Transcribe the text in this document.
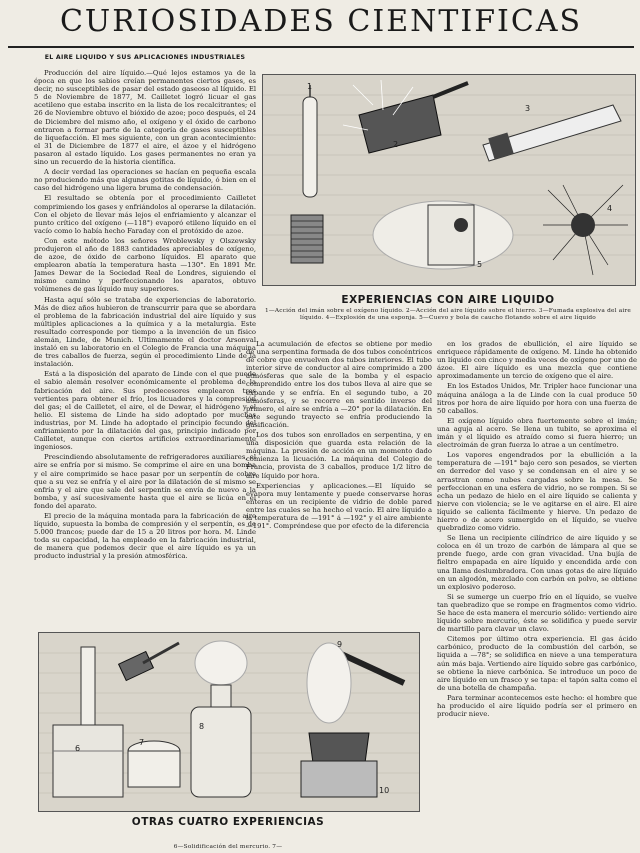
CURIOSIDADES CIENTIFICAS
EL AIRE LIQUIDO Y SUS APLICACIONES INDUSTRIALES

Producción del aire líquido.—Qué lejos estamos ya de la época en que los sabios creían permanentes ciertos gases, es decir, no susceptibles de pasar del estado gaseoso al líquido. El 5 de Noviembre de 1877, M. Cailletet logró licuar el gas acetileno que estaba inscrito en la lista de los recalcitrantes; el 26 de Noviembre obtuvo el bióxido de azoe; poco después, el 24 de Diciembre del mismo año, el oxígeno y el óxido de carbono entraron a formar parte de la categoría de gases susceptibles de liquefacción. El mes siguiente, con un gran acontecimiento: el 31 de Diciembre de 1877 el aire, el ázoe y el hidrógeno pasaron al estado líquido. Los gases permanentes no eran ya sino un recuerdo de la historia científica.

A decir verdad las operaciones se hacían en pequeña escala no produciendo más que algunas gotitas de líquido, ó bien en el caso del hidrógeno una ligera bruma de condensación.

El resultado se obtenía por el procedimiento Cailletet comprimiendo los gases y enfriándolos al operarse la dilatación. Con el objeto de llevar más lejos el enfriamiento y alcanzar el punto crítico del oxígeno (—118°) evaporó etileno líquido en el vacío como lo había hecho Faraday con el protóxido de azoe.

Con este método los señores Wroblewsky y Olszewsky produjeron el año de 1883 cantidades apreciables de oxígeno, de azoe, de óxido de carbono líquidos. El aparato que emplearon abatía la temperatura hasta —130°. En 1891 Mr. James Dewar de la Sociedad Real de Londres, siguiendo el mismo camino y perfeccionando los aparatos, obtuvo volúmenes de gas líquido muy superiores.

Hasta aquí sólo se trataba de experiencias de laboratorio. Más de diez años hubieron de transcurrir para que se abordara el problema de la fabricación industrial del aire líquido y sus múltiples aplicaciones a la química y a la metalurgia. Este resultado corresponde por tiempo a la invención de un físico alemán, Linde, de Munich. Ultimamente el doctor Arsonval instaló en su laboratorio en el Colegio de Francia una máquina de tres caballos de fuerza, según el procedimiento Linde de la instalación.

Está a la disposición del aparato de Linde con el que puede el sabio alemán resolver económicamente el problema de la fabricación del aire. Sus predecesores emplearon tres vertientes para obtener el frío, los licuadores y la compresión del gas; el de Cailletet, el aire, el de Dewar, el hidrógeno y el helio. El sistema de Linde ha sido adoptado por muchas industrias, por M. Linde ha adoptado el principio fecundo del enfriamiento por la dilatación del gas, principio indicado por Cailletet, aunque con ciertos artificios extraordinariamente ingeniosos.

Prescindiendo absolutamente de refrigeradores auxiliares, el aire se enfría por si mismo. Se comprime el aire en una bomba y el aire comprimido se hace pasar por un serpentín de cobre que a su vez se enfría y el aire por la dilatación de sí mismo se enfría y el aire que sale del serpentín se envía de nuevo a la bomba, y así sucesivamente hasta que el aire se licúa en el fondo del aparato.

El precio de la máquina montada para la fabricación de aire líquido, supuesta la bomba de compresión y el serpentín, es de 5.000 francos; puede dar de 15 a 20 litros por hora. M. Linde toda su capacidad, la ha empleado en la fabricación industrial, de manera que podemos decir que el aire líquido es ya un producto industrial y la presión atmosférica.

1
2
3
4
5
EXPERIENCIAS CON AIRE LIQUIDO
1—Acción del imán sobre el oxígeno líquido. 2—Acción del aire líquido sobre el hierro. 3—Fumada explosiva del aire líquido. 4—Explosión de una esponja. 5—Cuevo y bola de caucho flotando sobre el aire líquido

La acumulación de efectos se obtiene por medio de una serpentina formada de dos tubos concéntricos de cobre que envuelven dos tubos interiores. El tubo interior sirve de conductor al aire comprimido a 200 atmósferas que sale de la bomba y el espacio comprendido entre los dos tubos lleva al aire que se expande y se enfría. En el segundo tubo, a 20 atmósferas, y se recorre en sentido inverso del primero, el aire se enfría a —20° por la dilatación. En este segundo trayecto se enfría produciendo la gasificación.

Los dos tubos son enrollados en serpentina, y en una disposición que guarda esta relación de la máquina. La presión de acción en un momento dado comienza la licuación. La máquina del Colegio de Francia, provista de 3 caballos, produce 1/2 litro de aire líquido por hora.

Experiencias y aplicaciones.—El líquido se evapora muy lentamente y puede conservarse horas enteras en un recipiente de vidrio de doble pared entre las cuales se ha hecho el vacío. El aire líquido a la temperatura de —191° á —192° y el aire ambiente —191°. Compréndese que por efecto de la diferencia

en los grados de ebullición, el aire líquido se enriquece rápidamente de oxígeno. M. Linde ha obtenido un líquido con cinco y media veces de oxígeno por uno de ázoe. El aire líquido es una mezcla que contiene aproximadamente un tercio de oxígeno que el aire.

En los Estados Unidos, Mr. Tripler hace funcionar una máquina análoga a la de Linde con la cual produce 50 litros por hora de aire líquido por hora con una fuerza de 50 caballos.

El oxígeno líquido obra fuertemente sobre el imán; una aguja al acero. Se llena un tubito, se aproxima el imán y el líquido es atraído como si fuera hierro; un electroimán de gran fuerza lo atrae a un centímetro.

Los vapores engendrados por la ebullición a la temperatura de —191° bajo cero son pesados, se vierten en derredor del vaso y se condensan en el aire y se arrastran como nubes cargadas sobre la mesa. Se perfeccionan en una esfera de vidrio, no se rompen. Si se echa un pedazo de hielo en el aire líquido se calienta y hierve con violencia; se le ve agitarse en el aire. El aire líquido se calienta fácilmente y hierve. Un pedazo de hierro o de acero sumergido en el líquido, se vuelve quebradizo como vidrio.

Se llena un recipiente cilíndrico de aire líquido y se coloca en él un trozo de carbón de lámpara al que se prende fuego, arde con gran vivacidad. Una bujía de fieltro empapada en aire líquido y encendida arde con una llama deslumbradora. Con unas gotas de aire líquido en un algodón, mezclado con carbón en polvo, se obtiene un explosivo poderoso.

Si se sumerge un cuerpo frío en el líquido, se vuelve tan quebradizo que se rompe en fragmentos como vidrio. Se hace de esta manera el mercurio sólido: vertiendo aire líquido sobre mercurio, éste se solidifica y puede servir de martillo para clavar un clavo.

Citemos por último otra experiencia. El gas ácido carbónico, producto de la combustión del carbón, se liquida a —78°; se solidifica en nieve a una temperatura aún más baja. Vertiendo aire líquido sobre gas carbónico, se obtiene la nieve carbónica. Se introduce un poco de aire líquido en un frasco y se tapa: el tapón salta como el de una botella de champaña.

Para terminar acontecemos este hecho: el hombre que ha producido el aire líquido podría ser el primero en producir nieve.

6
7
8
9
10
OTRAS CUATRO EXPERIENCIAS
6—Solidificación del mercurio. 7—
